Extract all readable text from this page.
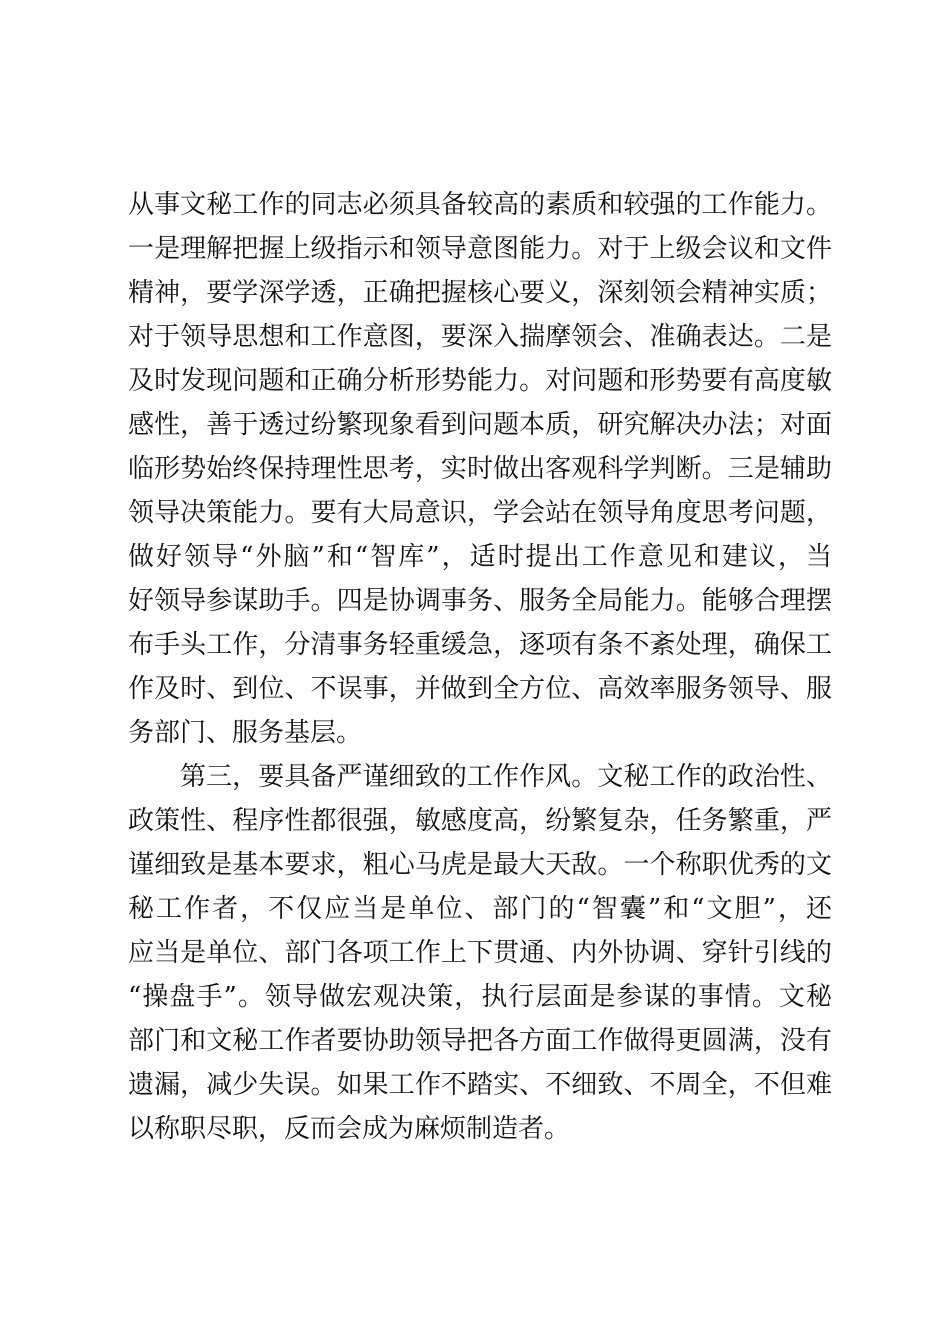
从事文秘工作的同志必须具备较高的素质和较强的工作能力。

一是理解把握上级指示和领导意图能力。对于上级会议和文件

精神，要学深学透，正确把握核心要义，深刻领会精神实质；

对于领导思想和工作意图，要深入揣摩领会、准确表达。二是

及时发现问题和正确分析形势能力。对问题和形势要有高度敏

感性，善于透过纷繁现象看到问题本质，研究解决办法；对面

临形势始终保持理性思考，实时做出客观科学判断。三是辅助

领导决策能力。要有大局意识，学会站在领导角度思考问题，

做好领导“外脑”和“智库”，适时提出工作意见和建议，当

好领导参谋助手。四是协调事务、服务全局能力。能够合理摆

布手头工作，分清事务轻重缓急，逐项有条不紊处理，确保工

作及时、到位、不误事，并做到全方位、高效率服务领导、服

务部门、服务基层。

第三，要具备严谨细致的工作作风。文秘工作的政治性、

政策性、程序性都很强，敏感度高，纷繁复杂，任务繁重，严

谨细致是基本要求，粗心马虎是最大天敌。一个称职优秀的文

秘工作者，不仅应当是单位、部门的“智囊”和“文胆”，还

应当是单位、部门各项工作上下贯通、内外协调、穿针引线的

“操盘手”。领导做宏观决策，执行层面是参谋的事情。文秘

部门和文秘工作者要协助领导把各方面工作做得更圆满，没有

遗漏，减少失误。如果工作不踏实、不细致、不周全，不但难

以称职尽职，反而会成为麻烦制造者。
